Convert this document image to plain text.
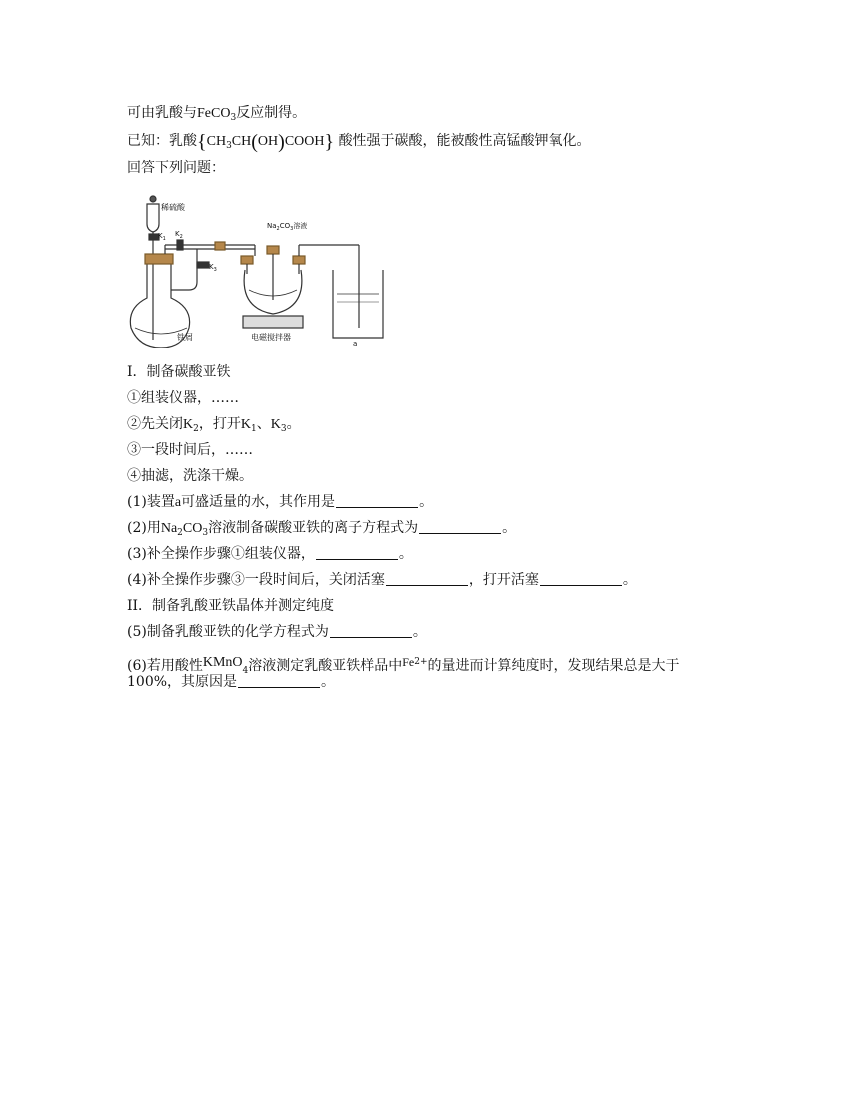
可由乳酸与FeCO$_3$反应制得。
已知：乳酸$\{CH_3CH(OH)COOH\}$ 酸性强于碳酸，能被酸性高锰酸钾氧化。
回答下列问题：
稀硫酸
$K_1$
$K_2$
$K_3$
$Na_2CO_3$溶液
铁屑	电磁搅拌器
a
I．制备碳酸亚铁
①组装仪器，……
②先关闭$K_2$，打开$K_1$、$K_3$。
③一段时间后，……
④抽滤，洗涤干燥。
(1)装置a可盛适量的水，其作用是	。
(2)用$Na_2CO_3$溶液制备碳酸亚铁的离子方程式为	。
(3)补全操作步骤①组装仪器，	。
(4)补全操作步骤③一段时间后，关闭活塞	，打开活塞	。
II．制备乳酸亚铁晶体并测定纯度
(5)制备乳酸亚铁的化学方程式为	。
(6)若用酸性KMnO$_4$溶液测定乳酸亚铁样品中$Fe^{2+}$的量进而计算纯度时，发现结果总是大于
100%，其原因是	。
